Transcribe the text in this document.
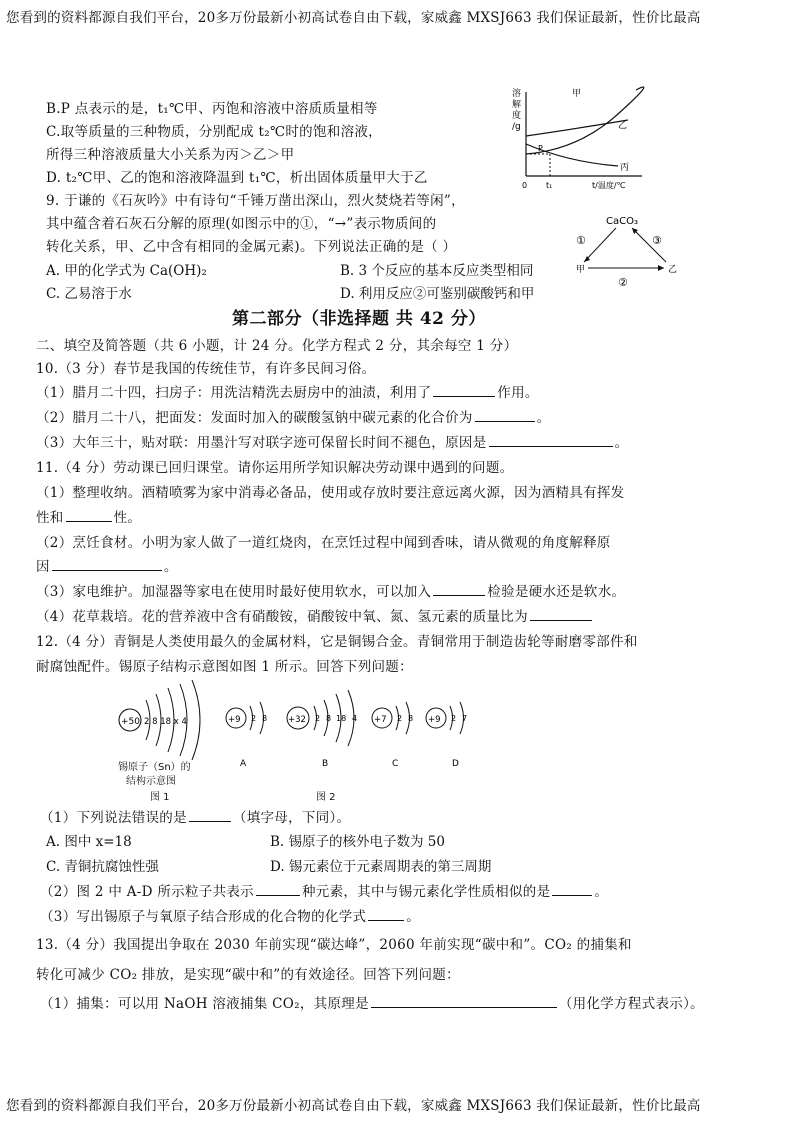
您看到的资料都源自我们平台，20多万份最新小初高试卷自由下载，家威鑫 MXSJ663 我们保证最新，性价比最高
B.P 点表示的是，t₁℃甲、丙饱和溶液中溶质质量相等
C.取等质量的三种物质，分别配成 t₂℃时的饱和溶液，
所得三种溶液质量大小关系为丙＞乙＞甲
D. t₂℃甲、乙的饱和溶液降温到 t₁℃，析出固体质量甲大于乙
溶
解
度
/g
甲
乙
丙
P
0 t₁	t/温度/℃
9. 于谦的《石灰吟》中有诗句“千锤万凿出深山，烈火焚烧若等闲”，
其中蕴含着石灰石分解的原理(如图示中的①，“→”表示物质间的
转化关系，甲、乙中含有相同的金属元素)。下列说法正确的是（ ）
CaCO₃
甲	乙
①
②
③
A. 甲的化学式为 Ca(OH)₂	B. 3 个反应的基本反应类型相同
C. 乙易溶于水	D. 利用反应②可鉴别碳酸钙和甲
第二部分（非选择题 共 42 分）
二、填空及简答题（共 6 小题，计 24 分。化学方程式 2 分，其余每空 1 分）
10.（3 分）春节是我国的传统佳节，有许多民间习俗。
（1）腊月二十四，扫房子：用洗洁精洗去厨房中的油渍，利用了	作用。
（2）腊月二十八，把面发：发面时加入的碳酸氢钠中碳元素的化合价为	。
（3）大年三十，贴对联：用墨汁写对联字迹可保留长时间不褪色，原因是	。
11.（4 分）劳动课已回归课堂。请你运用所学知识解决劳动课中遇到的问题。
（1）整理收纳。酒精喷雾为家中消毒必备品，使用或存放时要注意远离火源，因为酒精具有挥发
性和	性。
（2）烹饪食材。小明为家人做了一道红烧肉，在烹饪过程中闻到香味，请从微观的角度解释原
因	。
（3）家电维护。加湿器等家电在使用时最好使用软水，可以加入	检验是硬水还是软水。
（4）花草栽培。花的营养液中含有硝酸铵，硝酸铵中氧、氮、氢元素的质量比为
12.（4 分）青铜是人类使用最久的金属材料，它是铜锡合金。青铜常用于制造齿轮等耐磨零部件和
耐腐蚀配件。锡原子结构示意图如图 1 所示。回答下列问题：
+50 2 8 18 x 4
锡原子（Sn）的
结构示意图
图 1
+9 2 8 +32 2 8 18 4 +7 2 8 +9 2 7
A	B	C	D
图 2
（1）下列说法错误的是	（填字母，下同）。
A. 图中 x=18	B. 锡原子的核外电子数为 50
C. 青铜抗腐蚀性强	D. 锡元素位于元素周期表的第三周期
（2）图 2 中 A-D 所示粒子共表示	种元素，其中与锡元素化学性质相似的是	。
（3）写出锡原子与氧原子结合形成的化合物的化学式	。
13.（4 分）我国提出争取在 2030 年前实现“碳达峰”，2060 年前实现“碳中和”。CO₂ 的捕集和
转化可减少 CO₂ 排放，是实现“碳中和”的有效途径。回答下列问题：
（1）捕集：可以用 NaOH 溶液捕集 CO₂，其原理是	（用化学方程式表示）。
您看到的资料都源自我们平台，20多万份最新小初高试卷自由下载，家威鑫 MXSJ663 我们保证最新，性价比最高
